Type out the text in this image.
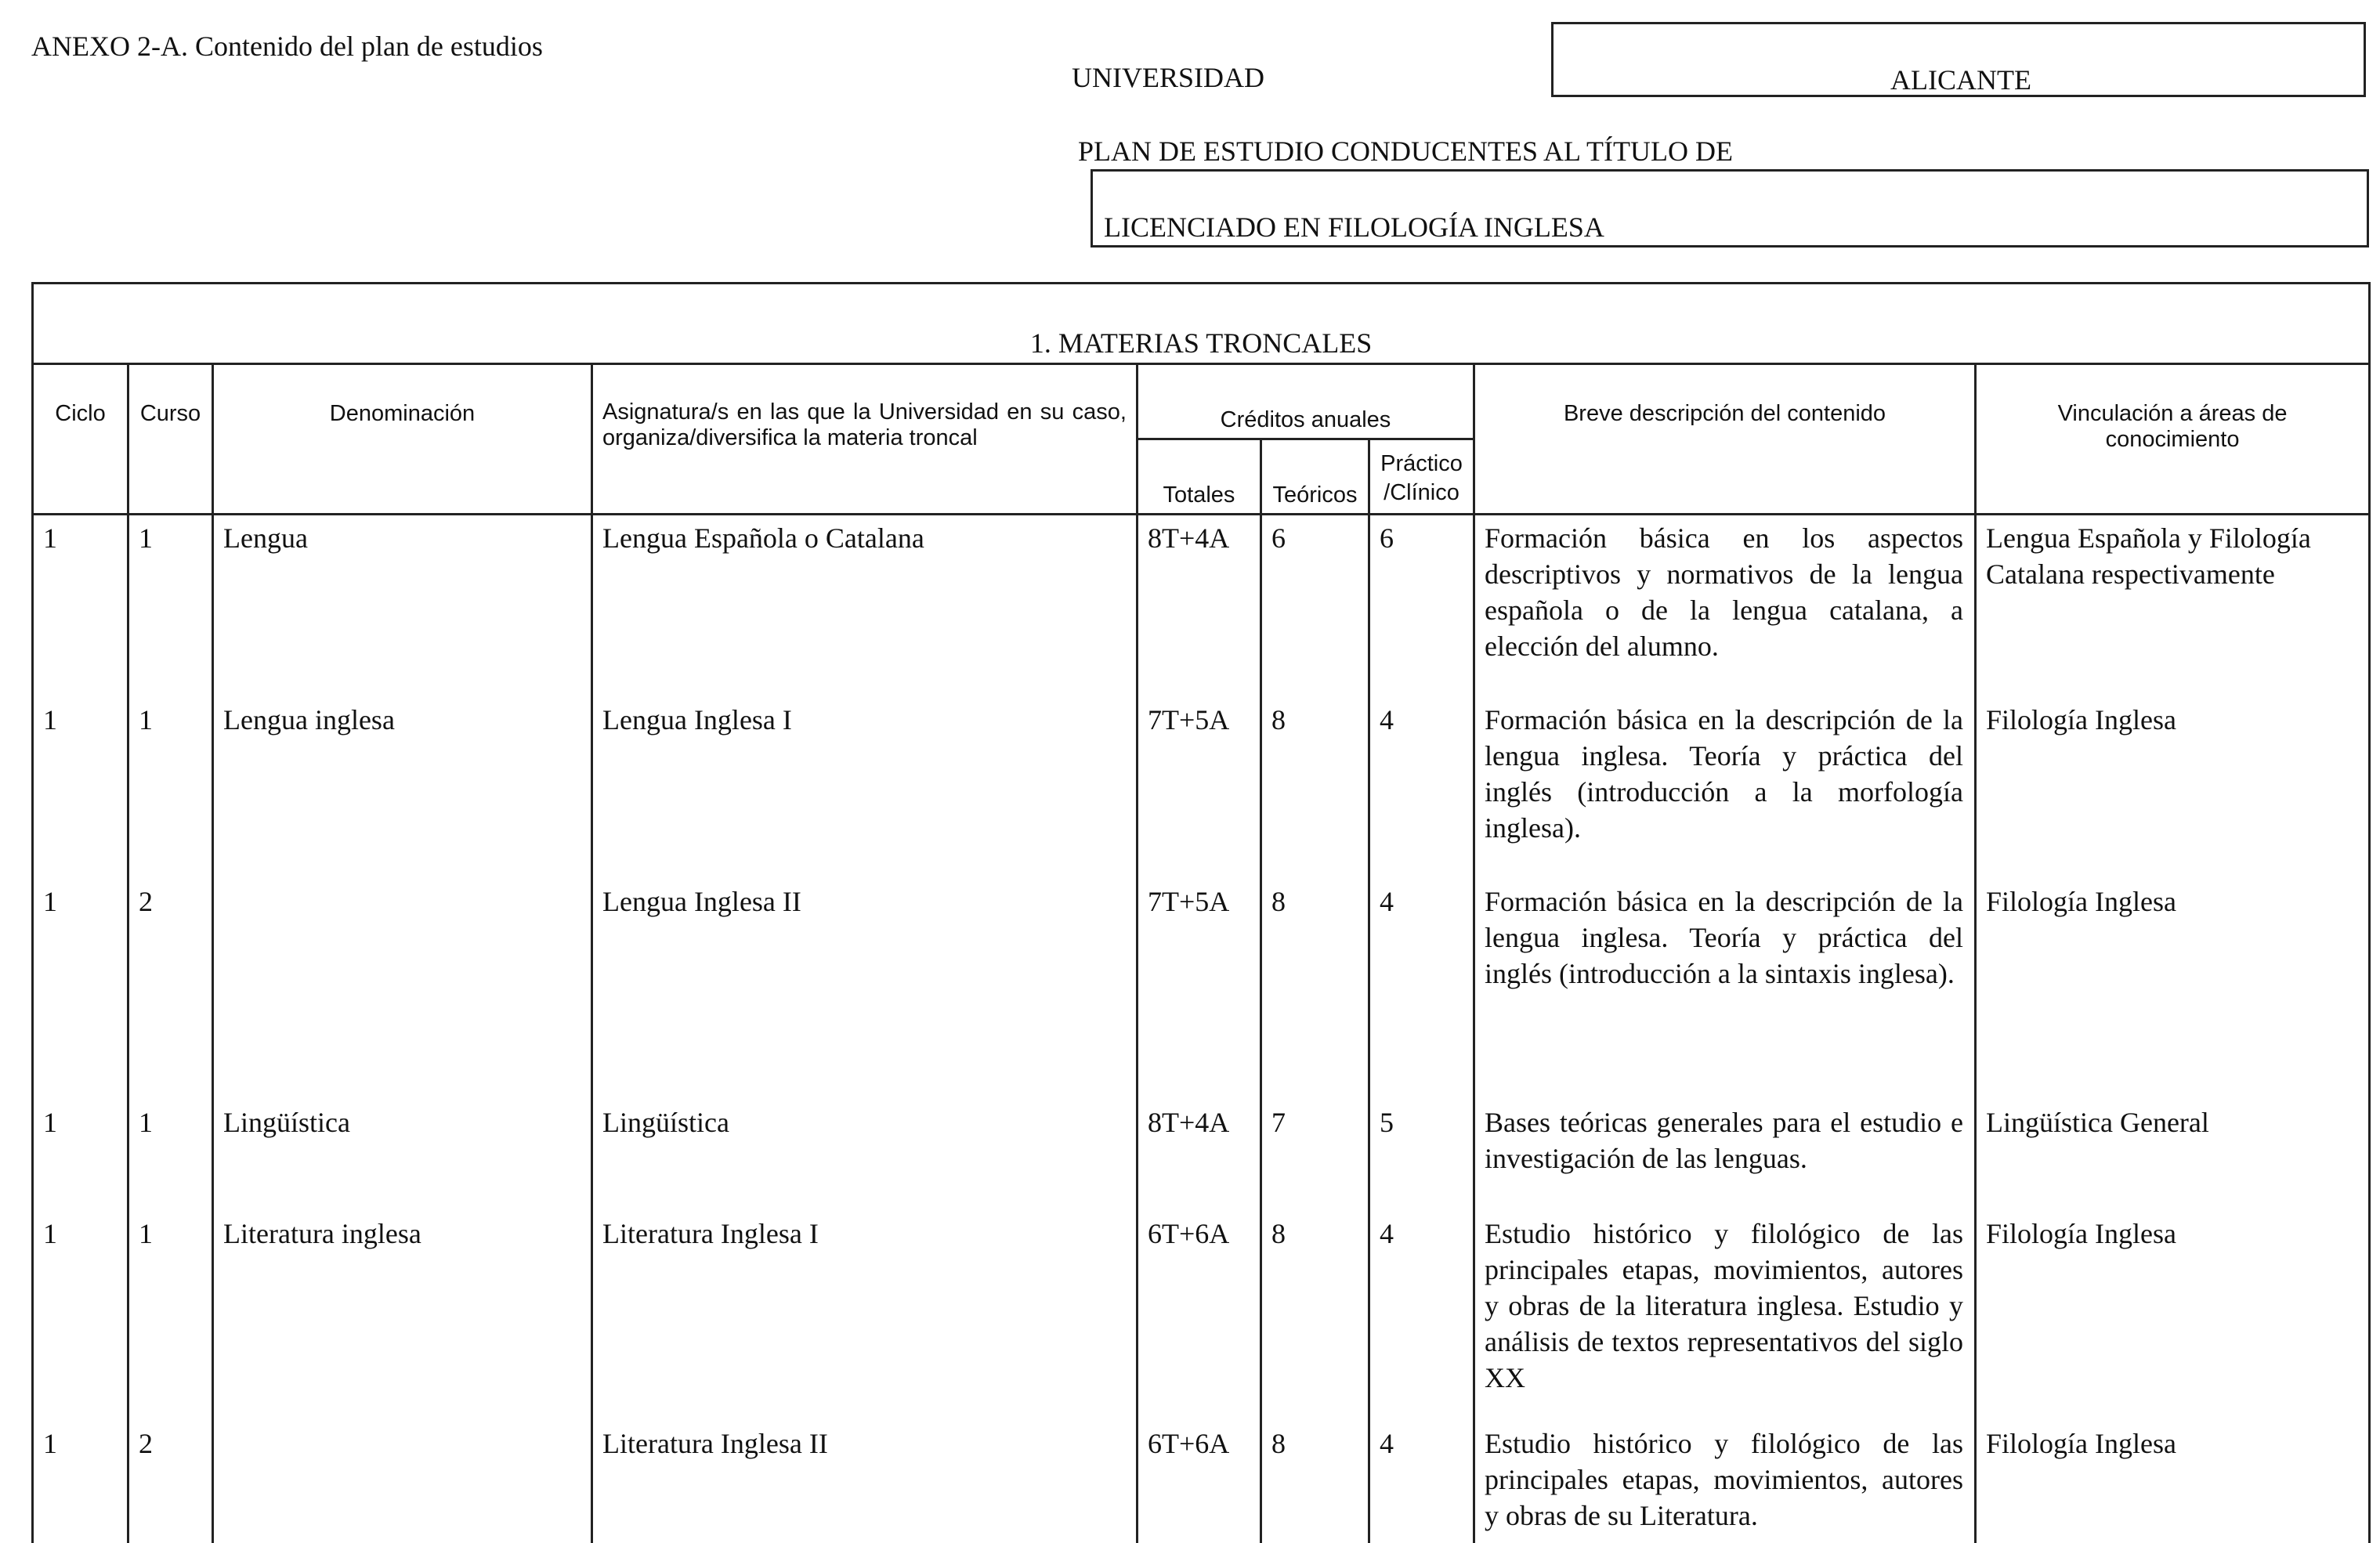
ANEXO 2-A. Contenido del plan de estudios
UNIVERSIDAD	ALICANTE
PLAN DE ESTUDIO CONDUCENTES AL TÍTULO DE
LICENCIADO EN FILOLOGÍA INGLESA
1. MATERIAS TRONCALES								
Ciclo	Curso	Denominación	Asignatura/s en las que la Universidad en su caso, organiza/diversifica la materia troncal	Créditos anuales			Breve descripción del contenido	Vinculación a áreas de conocimiento
				Totales	Teóricos	Práctico /Clínico		
1	1	Lengua	Lengua Española o Catalana	8T+4A	6	6	Formación básica en los aspectos descriptivos y normativos de la lengua española o de la lengua catalana, a elección del alumno.	Lengua Española y Filología Catalana respectivamente
1	1	Lengua inglesa	Lengua Inglesa I	7T+5A	8	4	Formación básica en la descripción de la lengua inglesa. Teoría y práctica del inglés (introducción a la morfología inglesa).	Filología Inglesa
1	2		Lengua Inglesa II	7T+5A	8	4	Formación básica en la descripción de la lengua inglesa. Teoría y práctica del inglés (introducción a la sintaxis inglesa).	Filología Inglesa
1	1	Lingüística	Lingüística	8T+4A	7	5	Bases teóricas generales para el estudio e investigación de las lenguas.	Lingüística General
1	1	Literatura inglesa	Literatura Inglesa I	6T+6A	8	4	Estudio histórico y filológico de las principales etapas, movimientos, autores y obras de la literatura inglesa. Estudio y análisis de textos representativos del siglo XX	Filología Inglesa
1	2		Literatura Inglesa II	6T+6A	8	4	Estudio histórico y filológico de las principales etapas, movimientos, autores y obras de su Literatura.	Filología Inglesa
